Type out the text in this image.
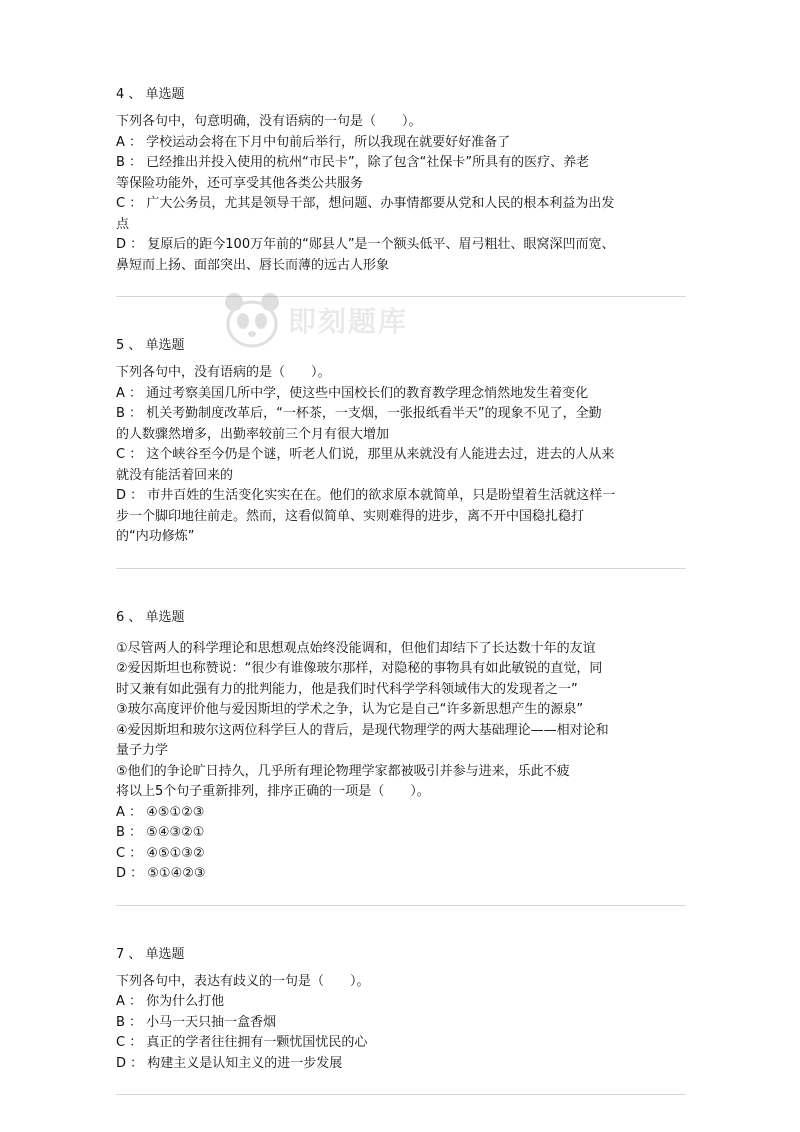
4 、 单选题
下列各句中，句意明确，没有语病的一句是（　　）。
A ： 学校运动会将在下月中旬前后举行，所以我现在就要好好准备了
B ： 已经推出并投入使用的杭州“市民卡”，除了包含“社保卡”所具有的医疗、养老
等保险功能外，还可享受其他各类公共服务
C ： 广大公务员，尤其是领导干部，想问题、办事情都要从党和人民的根本利益为出发
点
D ： 复原后的距今100万年前的“郧县人”是一个额头低平、眉弓粗壮、眼窝深凹而宽、
鼻短而上扬、面部突出、唇长而薄的远古人形象
5 、 单选题
下列各句中，没有语病的是（　　）。
A ： 通过考察美国几所中学，使这些中国校长们的教育教学理念悄然地发生着变化
B ： 机关考勤制度改革后，“一杯茶，一支烟，一张报纸看半天”的现象不见了，全勤
的人数骤然增多，出勤率较前三个月有很大增加
C ： 这个峡谷至今仍是个谜，听老人们说，那里从来就没有人能进去过，进去的人从来
就没有能活着回来的
D ： 市井百姓的生活变化实实在在。他们的欲求原本就简单，只是盼望着生活就这样一
步一个脚印地往前走。然而，这看似简单、实则难得的进步，离不开中国稳扎稳打
的“内功修炼”
6 、 单选题
①尽管两人的科学理论和思想观点始终没能调和，但他们却结下了长达数十年的友谊
②爱因斯坦也称赞说：“很少有谁像玻尔那样，对隐秘的事物具有如此敏锐的直觉，同
时又兼有如此强有力的批判能力，他是我们时代科学学科领域伟大的发现者之一”
③玻尔高度评价他与爱因斯坦的学术之争，认为它是自己“许多新思想产生的源泉”
④爱因斯坦和玻尔这两位科学巨人的背后，是现代物理学的两大基础理论——相对论和
量子力学
⑤他们的争论旷日持久，几乎所有理论物理学家都被吸引并参与进来，乐此不疲
将以上5个句子重新排列，排序正确的一项是（　　）。
A ： ④⑤①②③
B ： ⑤④③②①
C ： ④⑤①③②
D ： ⑤①④②③
7 、 单选题
下列各句中，表达有歧义的一句是（　　）。
A ： 你为什么打他
B ： 小马一天只抽一盒香烟
C ： 真正的学者往往拥有一颗忧国忧民的心
D ： 构建主义是认知主义的进一步发展
即刻题库
